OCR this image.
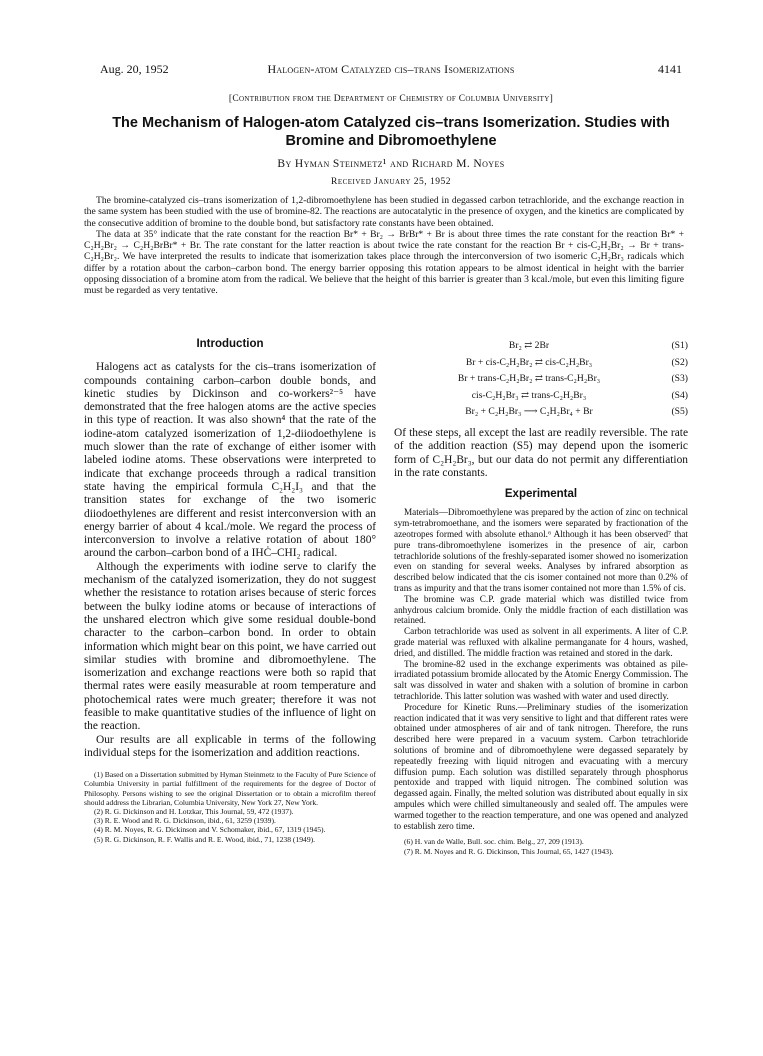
Aug. 20, 1952	Halogen-atom Catalyzed cis–trans Isomerizations	4141
[Contribution from the Department of Chemistry of Columbia University]
The Mechanism of Halogen-atom Catalyzed cis–trans Isomerization. Studies with Bromine and Dibromoethylene
By Hyman Steinmetz¹ and Richard M. Noyes
Received January 25, 1952

The bromine-catalyzed cis–trans isomerization of 1,2-dibromoethylene has been studied in degassed carbon tetrachloride, and the exchange reaction in the same system has been studied with the use of bromine-82. The reactions are autocatalytic in the presence of oxygen, and the kinetics are complicated by the consecutive addition of bromine to the double bond, but satisfactory rate constants have been obtained.

The data at 35° indicate that the rate constant for the reaction Br* + Br₂ → BrBr* + Br is about three times the rate constant for the reaction Br* + C₂H₂Br₂ → C₂H₂BrBr* + Br. The rate constant for the latter reaction is about twice the rate constant for the reaction Br + cis-C₂H₂Br₂ → Br + trans-C₂H₂Br₂. We have interpreted the results to indicate that isomerization takes place through the interconversion of two isomeric C₂H₂Br₃ radicals which differ by a rotation about the carbon–carbon bond. The energy barrier opposing this rotation appears to be almost identical in height with the barrier opposing dissociation of a bromine atom from the radical. We believe that the height of this barrier is greater than 3 kcal./mole, but even this limiting figure must be regarded as very tentative.

Introduction

Halogens act as catalysts for the cis–trans isomerization of compounds containing carbon–carbon double bonds, and kinetic studies by Dickinson and co-workers²⁻⁵ have demonstrated that the free halogen atoms are the active species in this type of reaction. It was also shown⁴ that the rate of the iodine-atom catalyzed isomerization of 1,2-diiodoethylene is much slower than the rate of exchange of either isomer with labeled iodine atoms. These observations were interpreted to indicate that exchange proceeds through a radical transition state having the empirical formula C₂H₂I₃ and that the transition states for exchange of the two isomeric diiodoethylenes are different and resist interconversion with an energy barrier of about 4 kcal./mole. We regard the process of interconversion to involve a relative rotation of about 180° around the carbon–carbon bond of a IHĊ–CHI₂ radical.

Although the experiments with iodine serve to clarify the mechanism of the catalyzed isomerization, they do not suggest whether the resistance to rotation arises because of steric forces between the bulky iodine atoms or because of interactions of the unshared electron which give some residual double-bond character to the carbon–carbon bond. In order to obtain information which might bear on this point, we have carried out similar studies with bromine and dibromoethylene. The isomerization and exchange reactions were both so rapid that thermal rates were easily measurable at room temperature and photochemical rates were much greater; therefore it was not feasible to make quantitative studies of the influence of light on the reaction.

Our results are all explicable in terms of the following individual steps for the isomerization and addition reactions.

(1) Based on a Dissertation submitted by Hyman Steinmetz to the Faculty of Pure Science of Columbia University in partial fulfillment of the requirements for the degree of Doctor of Philosophy. Persons wishing to see the original Dissertation or to obtain a microfilm thereof should address the Librarian, Columbia University, New York 27, New York.

(2) R. G. Dickinson and H. Lotzkar, This Journal, 59, 472 (1937).

(3) R. E. Wood and R. G. Dickinson, ibid., 61, 3259 (1939).

(4) R. M. Noyes, R. G. Dickinson and V. Schomaker, ibid., 67, 1319 (1945).

(5) R. G. Dickinson, R. F. Wallis and R. E. Wood, ibid., 71, 1238 (1949).

Br₂ ⇄ 2Br	(S1)
Br + cis-C₂H₂Br₂ ⇄ cis-C₂H₂Br₃	(S2)
Br + trans-C₂H₂Br₂ ⇄ trans-C₂H₂Br₃	(S3)
cis-C₂H₂Br₃ ⇄ trans-C₂H₂Br₃	(S4)
Br₂ + C₂H₂Br₃ ⟶ C₂H₂Br₄ + Br	(S5)

Of these steps, all except the last are readily reversible. The rate of the addition reaction (S5) may depend upon the isomeric form of C₂H₂Br₃, but our data do not permit any differentiation in the rate constants.

Experimental

Materials—Dibromoethylene was prepared by the action of zinc on technical sym-tetrabromoethane, and the isomers were separated by fractionation of the azeotropes formed with absolute ethanol.⁶ Although it has been observed⁷ that pure trans-dibromoethylene isomerizes in the presence of air, carbon tetrachloride solutions of the freshly-separated isomer showed no isomerization even on standing for several weeks. Analyses by infrared absorption as described below indicated that the cis isomer contained not more than 0.2% of trans as impurity and that the trans isomer contained not more than 1.5% of cis.

The bromine was C.P. grade material which was distilled twice from anhydrous calcium bromide. Only the middle fraction of each distillation was retained.

Carbon tetrachloride was used as solvent in all experiments. A liter of C.P. grade material was refluxed with alkaline permanganate for 4 hours, washed, dried, and distilled. The middle fraction was retained and stored in the dark.

The bromine-82 used in the exchange experiments was obtained as pile-irradiated potassium bromide allocated by the Atomic Energy Commission. The salt was dissolved in water and shaken with a solution of bromine in carbon tetrachloride. This latter solution was washed with water and used directly.

Procedure for Kinetic Runs.—Preliminary studies of the isomerization reaction indicated that it was very sensitive to light and that different rates were obtained under atmospheres of air and of tank nitrogen. Therefore, the runs described here were prepared in a vacuum system. Carbon tetrachloride solutions of bromine and of dibromoethylene were degassed separately by repeatedly freezing with liquid nitrogen and evacuating with a mercury diffusion pump. Each solution was distilled separately through phosphorus pentoxide and trapped with liquid nitrogen. The combined solution was degassed again. Finally, the melted solution was distributed about equally in six ampules which were chilled simultaneously and sealed off. The ampules were warmed together to the reaction temperature, and one was opened and analyzed to establish zero time.

(6) H. van de Walle, Bull. soc. chim. Belg., 27, 209 (1913).

(7) R. M. Noyes and R. G. Dickinson, This Journal, 65, 1427 (1943).
